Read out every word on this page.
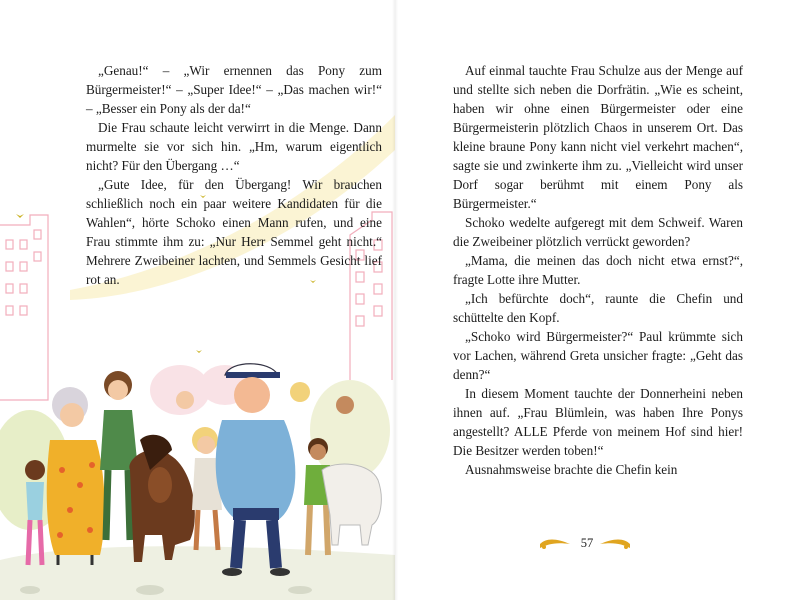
„Genau!“ – „Wir ernennen das Pony zum Bürgermeister!“ – „Super Idee!“ – „Das machen wir!“ – „Besser ein Pony als der da!“

Die Frau schaute leicht verwirrt in die Menge. Dann murmelte sie vor sich hin. „Hm, warum eigentlich nicht? Für den Übergang …“

„Gute Idee, für den Übergang! Wir brauchen schließlich noch ein paar weitere Kandidaten für die Wahlen“, hörte Schoko einen Mann rufen, und eine Frau stimmte ihm zu: „Nur Herr Semmel geht nicht.“ Mehrere Zweibeiner lachten, und Semmels Gesicht lief rot an.

Auf einmal tauchte Frau Schulze aus der Menge auf und stellte sich neben die Dorfrätin. „Wie es scheint, haben wir ohne einen Bürgermeister oder eine Bürgermeisterin plötzlich Chaos in unserem Ort. Das kleine braune Pony kann nicht viel verkehrt machen“, sagte sie und zwinkerte ihm zu. „Vielleicht wird unser Dorf sogar berühmt mit einem Pony als Bürgermeister.“

Schoko wedelte aufgeregt mit dem Schweif. Waren die Zweibeiner plötzlich verrückt geworden?

„Mama, die meinen das doch nicht etwa ernst?“, fragte Lotte ihre Mutter.

„Ich befürchte doch“, raunte die Chefin und schüttelte den Kopf.

„Schoko wird Bürgermeister?“ Paul krümmte sich vor Lachen, während Greta unsicher fragte: „Geht das denn?“

In diesem Moment tauchte der Donnerheini neben ihnen auf. „Frau Blümlein, was haben Ihre Ponys angestellt? ALLE Pferde von meinem Hof sind hier! Die Besitzer werden toben!“

Ausnahmsweise brachte die Chefin kein

57
